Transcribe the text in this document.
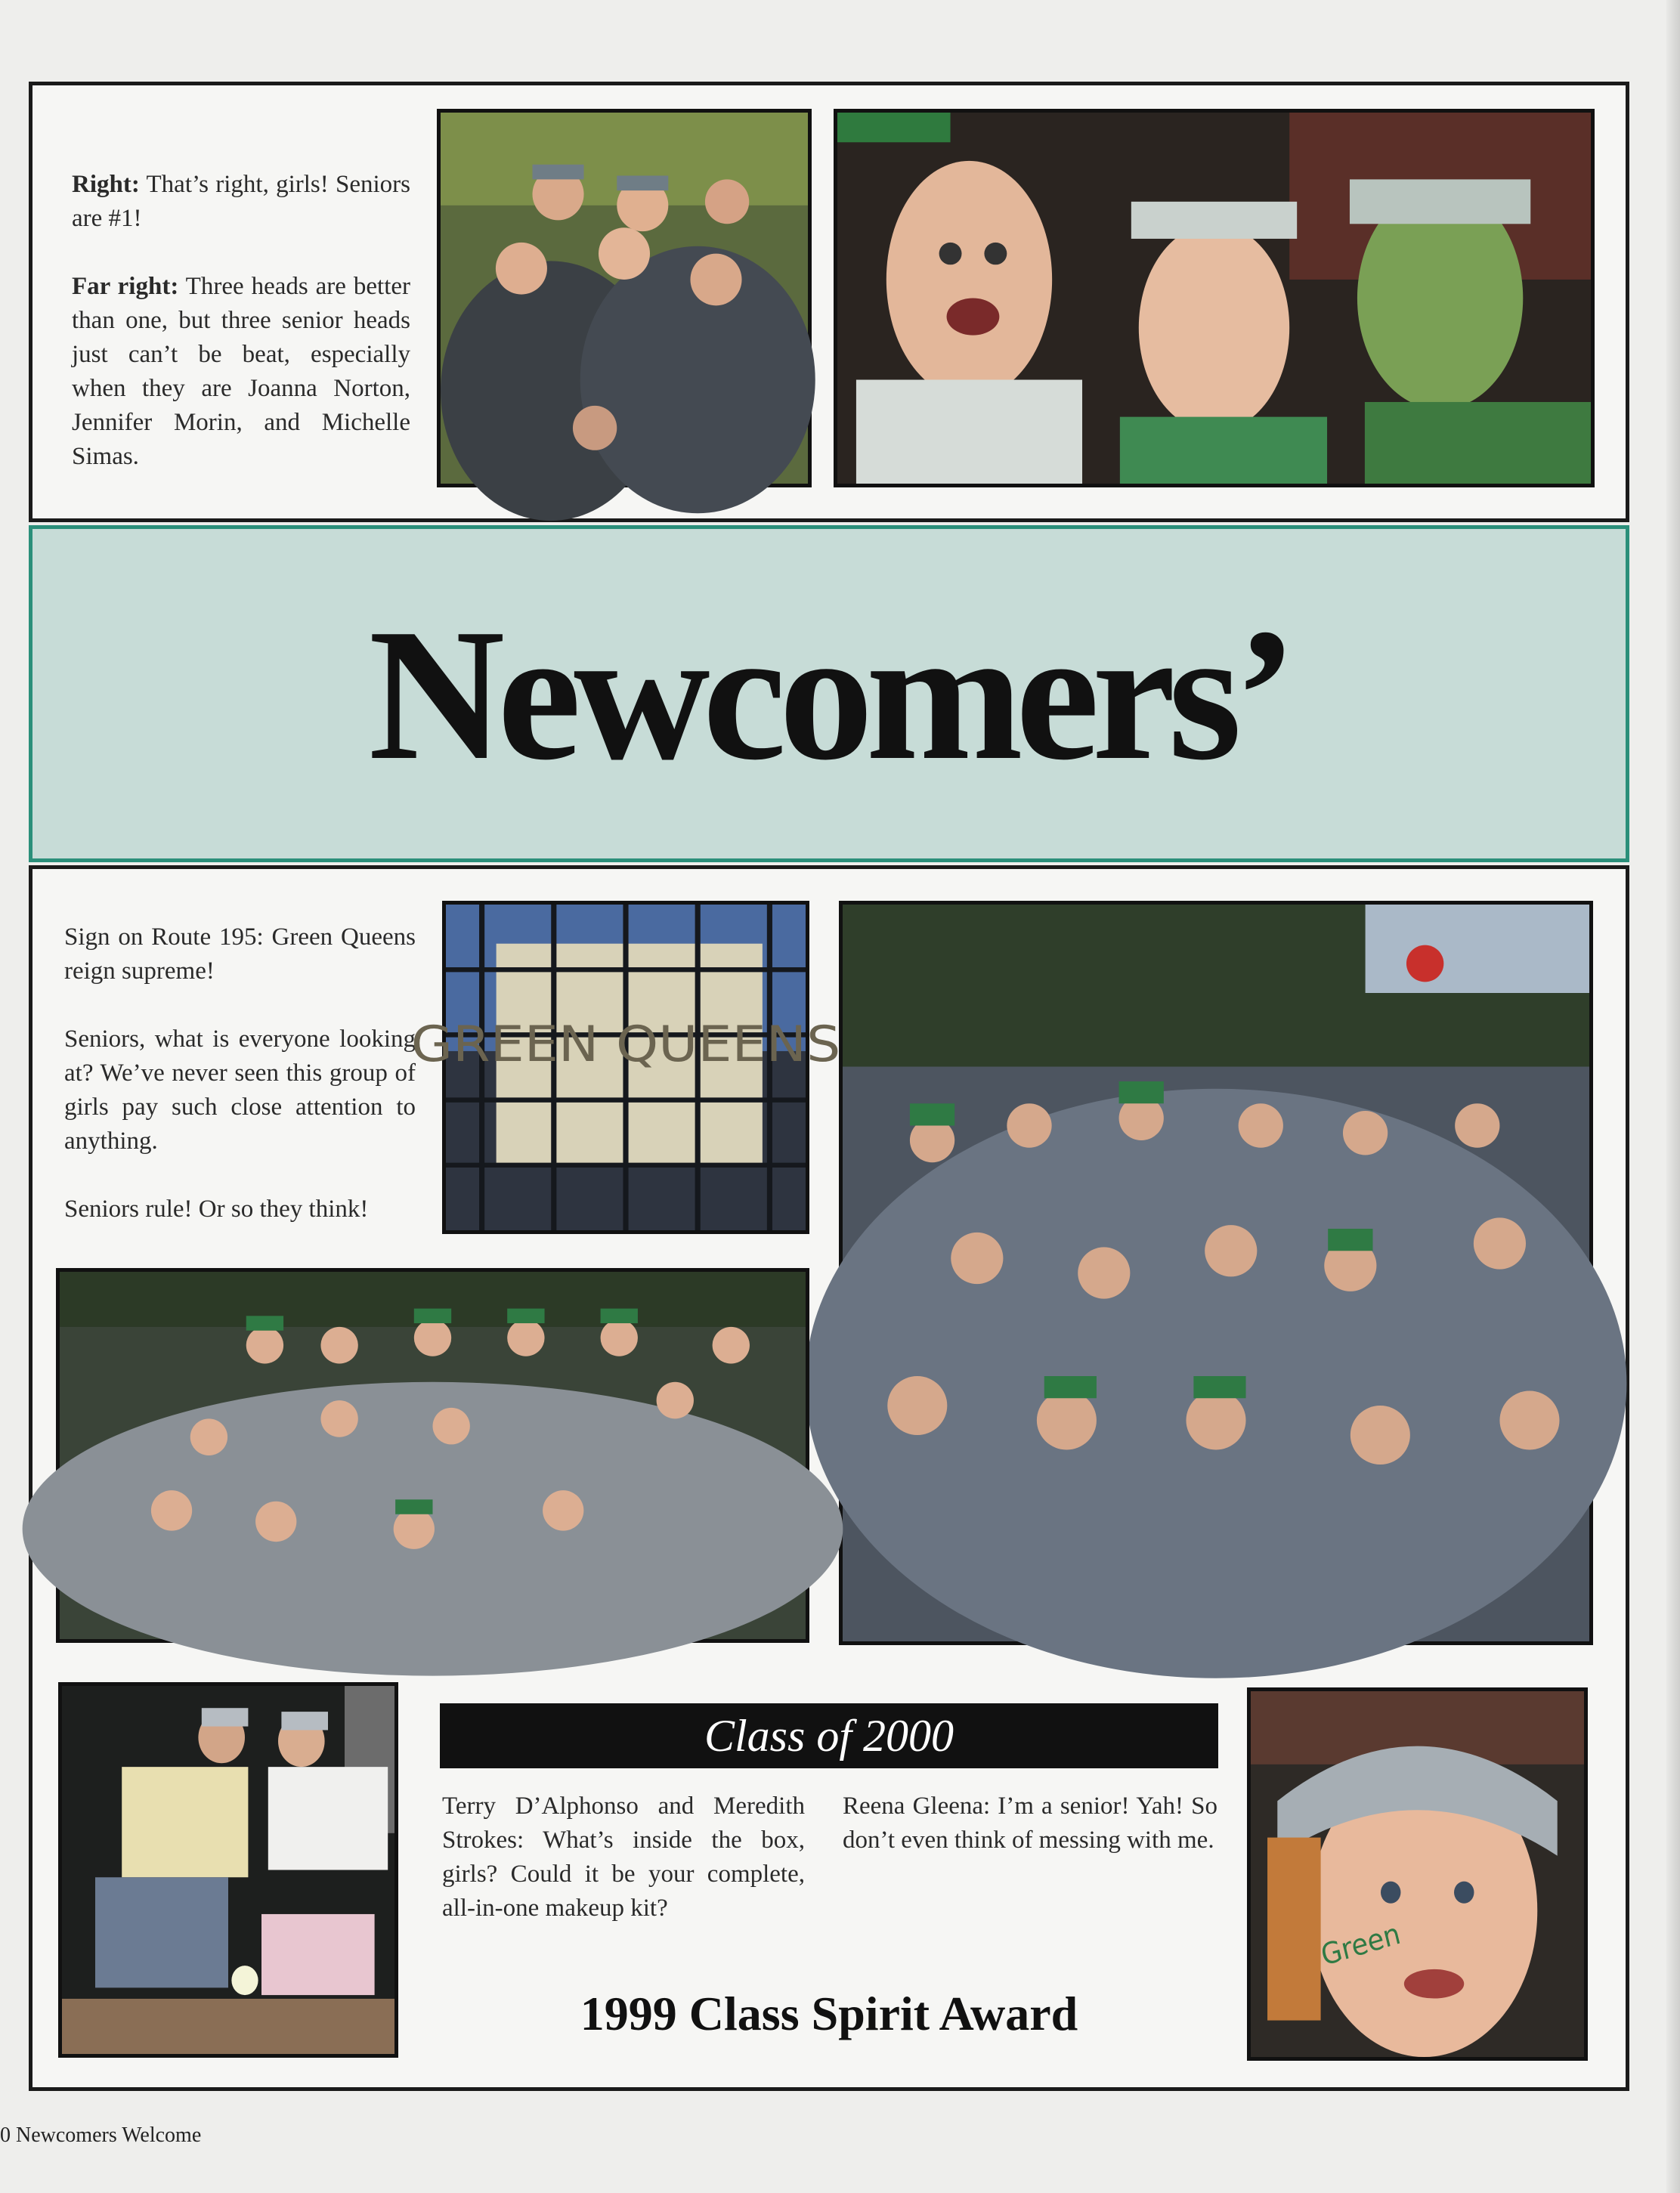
Right: That’s right, girls! Seniors are #1!
Far right: Three heads are better than one, but three senior heads just can’t be beat, especially when they are Joanna Norton, Jennifer Morin, and Michelle Simas.
Newcomers’
Sign on Route 195: Green Queens reign supreme!
Seniors, what is everyone looking at? We’ve never seen this group of girls pay such close attention to anything.
Seniors rule! Or so they think!
GREEN QUEENS
Class of 2000
Terry D’Alphonso and Meredith Strokes: What’s inside the box, girls? Could it be your complete, all-in-one makeup kit?
Reena Gleena: I’m a senior! Yah! So don’t even think of messing with me.
1999 Class Spirit Award
Green
0 Newcomers Welcome
